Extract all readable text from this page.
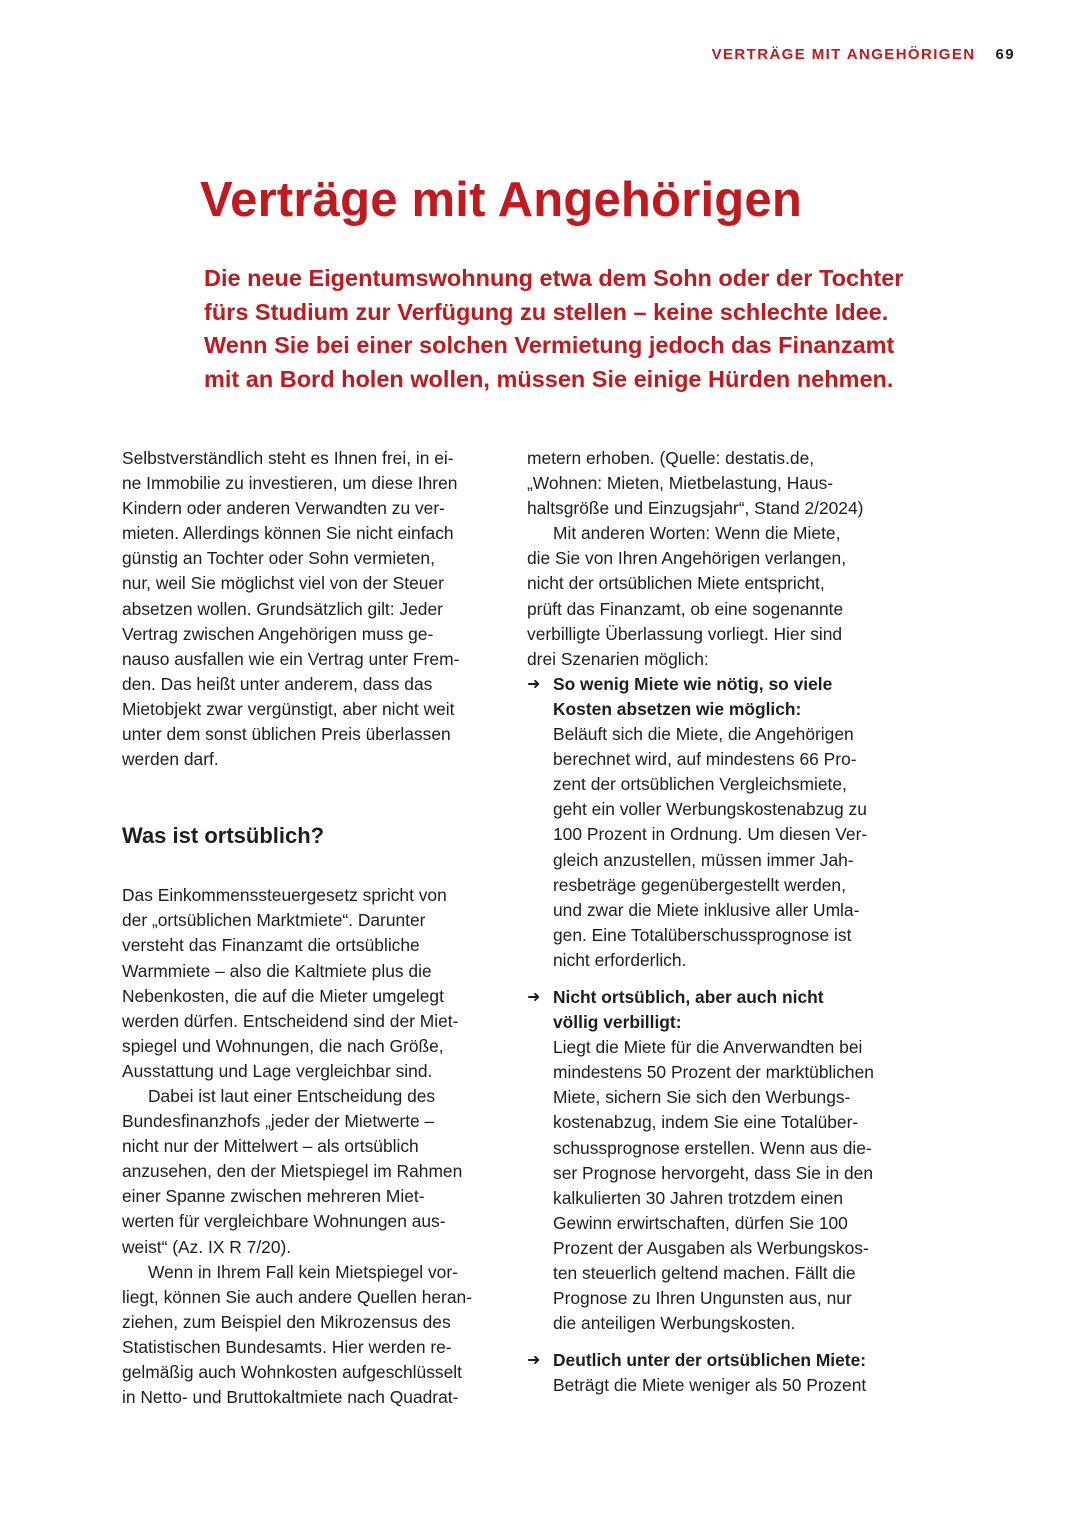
VERTRÄGE MIT ANGEHÖRIGEN 69
Verträge mit Angehörigen

Die neue Eigentumswohnung etwa dem Sohn oder der Tochter
fürs Studium zur Verfügung zu stellen – keine schlechte Idee.
Wenn Sie bei einer solchen Vermietung jedoch das Finanzamt
mit an Bord holen wollen, müssen Sie einige Hürden nehmen.

Selbstverständlich steht es Ihnen frei, in ei-
ne Immobilie zu investieren, um diese Ihren
Kindern oder anderen Verwandten zu ver-
mieten. Allerdings können Sie nicht einfach
günstig an Tochter oder Sohn vermieten,
nur, weil Sie möglichst viel von der Steuer
absetzen wollen. Grundsätzlich gilt: Jeder
Vertrag zwischen Angehörigen muss ge-
nauso ausfallen wie ein Vertrag unter Frem-
den. Das heißt unter anderem, dass das
Mietobjekt zwar vergünstigt, aber nicht weit
unter dem sonst üblichen Preis überlassen
werden darf.
Was ist ortsüblich?
Das Einkommenssteuergesetz spricht von
der „ortsüblichen Marktmiete“. Darunter
versteht das Finanzamt die ortsübliche
Warmmiete – also die Kaltmiete plus die
Nebenkosten, die auf die Mieter umgelegt
werden dürfen. Entscheidend sind der Miet-
spiegel und Wohnungen, die nach Größe,
Ausstattung und Lage vergleichbar sind.
Dabei ist laut einer Entscheidung des
Bundesfinanzhofs „jeder der Mietwerte –
nicht nur der Mittelwert – als ortsüblich
anzusehen, den der Mietspiegel im Rahmen
einer Spanne zwischen mehreren Miet-
werten für vergleichbare Wohnungen aus-
weist“ (Az. IX R 7/20).
Wenn in Ihrem Fall kein Mietspiegel vor-
liegt, können Sie auch andere Quellen heran-
ziehen, zum Beispiel den Mikrozensus des
Statistischen Bundesamts. Hier werden re-
gelmäßig auch Wohnkosten aufgeschlüsselt
in Netto- und Bruttokaltmiete nach Quadrat-
metern erhoben. (Quelle: destatis.de,
„Wohnen: Mieten, Mietbelastung, Haus-
haltsgröße und Einzugsjahr“, Stand 2/2024)
Mit anderen Worten: Wenn die Miete,
die Sie von Ihren Angehörigen verlangen,
nicht der ortsüblichen Miete entspricht,
prüft das Finanzamt, ob eine sogenannte
verbilligte Überlassung vorliegt. Hier sind
drei Szenarien möglich:
➜ So wenig Miete wie nötig, so viele
Kosten absetzen wie möglich:
Beläuft sich die Miete, die Angehörigen
berechnet wird, auf mindestens 66 Pro-
zent der ortsüblichen Vergleichsmiete,
geht ein voller Werbungskostenabzug zu
100 Prozent in Ordnung. Um diesen Ver-
gleich anzustellen, müssen immer Jah-
resbeträge gegenübergestellt werden,
und zwar die Miete inklusive aller Umla-
gen. Eine Totalüberschussprognose ist
nicht erforderlich.
➜ Nicht ortsüblich, aber auch nicht
völlig verbilligt:
Liegt die Miete für die Anverwandten bei
mindestens 50 Prozent der marktüblichen
Miete, sichern Sie sich den Werbungs-
kostenabzug, indem Sie eine Totalüber-
schussprognose erstellen. Wenn aus die-
ser Prognose hervorgeht, dass Sie in den
kalkulierten 30 Jahren trotzdem einen
Gewinn erwirtschaften, dürfen Sie 100
Prozent der Ausgaben als Werbungskos-
ten steuerlich geltend machen. Fällt die
Prognose zu Ihren Ungunsten aus, nur
die anteiligen Werbungskosten.
➜ Deutlich unter der ortsüblichen Miete:
Beträgt die Miete weniger als 50 Prozent
